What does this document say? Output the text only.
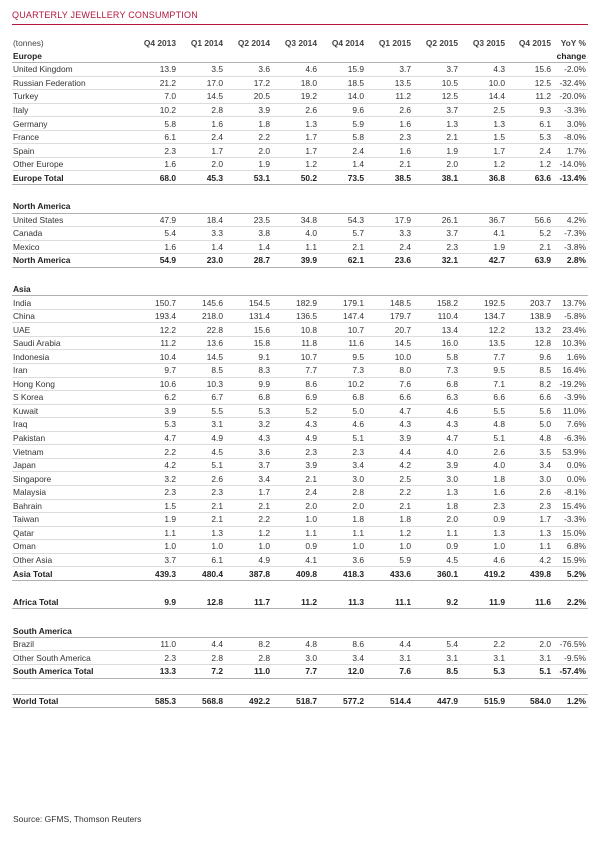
QUARTERLY JEWELLERY CONSUMPTION
(tonnes)	Q4 2013	Q1 2014	Q2 2014	Q3 2014	Q4 2014	Q1 2015	Q2 2015	Q3 2015	Q4 2015	YoY %
Europe										change
United Kingdom	13.9	3.5	3.6	4.6	15.9	3.7	3.7	4.3	15.6	-2.0%
Russian Federation	21.2	17.0	17.2	18.0	18.5	13.5	10.5	10.0	12.5	-32.4%
Turkey	7.0	14.5	20.5	19.2	14.0	11.2	12.5	14.4	11.2	-20.0%
Italy	10.2	2.8	3.9	2.6	9.6	2.6	3.7	2.5	9.3	-3.3%
Germany	5.8	1.6	1.8	1.3	5.9	1.6	1.3	1.3	6.1	3.0%
France	6.1	2.4	2.2	1.7	5.8	2.3	2.1	1.5	5.3	-8.0%
Spain	2.3	1.7	2.0	1.7	2.4	1.6	1.9	1.7	2.4	1.7%
Other Europe	1.6	2.0	1.9	1.2	1.4	2.1	2.0	1.2	1.2	-14.0%
Europe Total	68.0	45.3	53.1	50.2	73.5	38.5	38.1	36.8	63.6	-13.4%

North America										
United States	47.9	18.4	23.5	34.8	54.3	17.9	26.1	36.7	56.6	4.2%
Canada	5.4	3.3	3.8	4.0	5.7	3.3	3.7	4.1	5.2	-7.3%
Mexico	1.6	1.4	1.4	1.1	2.1	2.4	2.3	1.9	2.1	-3.8%
North America	54.9	23.0	28.7	39.9	62.1	23.6	32.1	42.7	63.9	2.8%

Asia										
India	150.7	145.6	154.5	182.9	179.1	148.5	158.2	192.5	203.7	13.7%
China	193.4	218.0	131.4	136.5	147.4	179.7	110.4	134.7	138.9	-5.8%
UAE	12.2	22.8	15.6	10.8	10.7	20.7	13.4	12.2	13.2	23.4%
Saudi Arabia	11.2	13.6	15.8	11.8	11.6	14.5	16.0	13.5	12.8	10.3%
Indonesia	10.4	14.5	9.1	10.7	9.5	10.0	5.8	7.7	9.6	1.6%
Iran	9.7	8.5	8.3	7.7	7.3	8.0	7.3	9.5	8.5	16.4%
Hong Kong	10.6	10.3	9.9	8.6	10.2	7.6	6.8	7.1	8.2	-19.2%
S Korea	6.2	6.7	6.8	6.9	6.8	6.6	6.3	6.6	6.6	-3.9%
Kuwait	3.9	5.5	5.3	5.2	5.0	4.7	4.6	5.5	5.6	11.0%
Iraq	5.3	3.1	3.2	4.3	4.6	4.3	4.3	4.8	5.0	7.6%
Pakistan	4.7	4.9	4.3	4.9	5.1	3.9	4.7	5.1	4.8	-6.3%
Vietnam	2.2	4.5	3.6	2.3	2.3	4.4	4.0	2.6	3.5	53.9%
Japan	4.2	5.1	3.7	3.9	3.4	4.2	3.9	4.0	3.4	0.0%
Singapore	3.2	2.6	3.4	2.1	3.0	2.5	3.0	1.8	3.0	0.0%
Malaysia	2.3	2.3	1.7	2.4	2.8	2.2	1.3	1.6	2.6	-8.1%
Bahrain	1.5	2.1	2.1	2.0	2.0	2.1	1.8	2.3	2.3	15.4%
Taiwan	1.9	2.1	2.2	1.0	1.8	1.8	2.0	0.9	1.7	-3.3%
Qatar	1.1	1.3	1.2	1.1	1.1	1.2	1.1	1.3	1.3	15.0%
Oman	1.0	1.0	1.0	0.9	1.0	1.0	0.9	1.0	1.1	6.8%
Other Asia	3.7	6.1	4.9	4.1	3.6	5.9	4.5	4.6	4.2	15.9%
Asia Total	439.3	480.4	387.8	409.8	418.3	433.6	360.1	419.2	439.8	5.2%

Africa Total	9.9	12.8	11.7	11.2	11.3	11.1	9.2	11.9	11.6	2.2%

South America										
Brazil	11.0	4.4	8.2	4.8	8.6	4.4	5.4	2.2	2.0	-76.5%
Other South America	2.3	2.8	2.8	3.0	3.4	3.1	3.1	3.1	3.1	-9.5%
South America Total	13.3	7.2	11.0	7.7	12.0	7.6	8.5	5.3	5.1	-57.4%

World Total	585.3	568.8	492.2	518.7	577.2	514.4	447.9	515.9	584.0	1.2%
Source: GFMS, Thomson Reuters
